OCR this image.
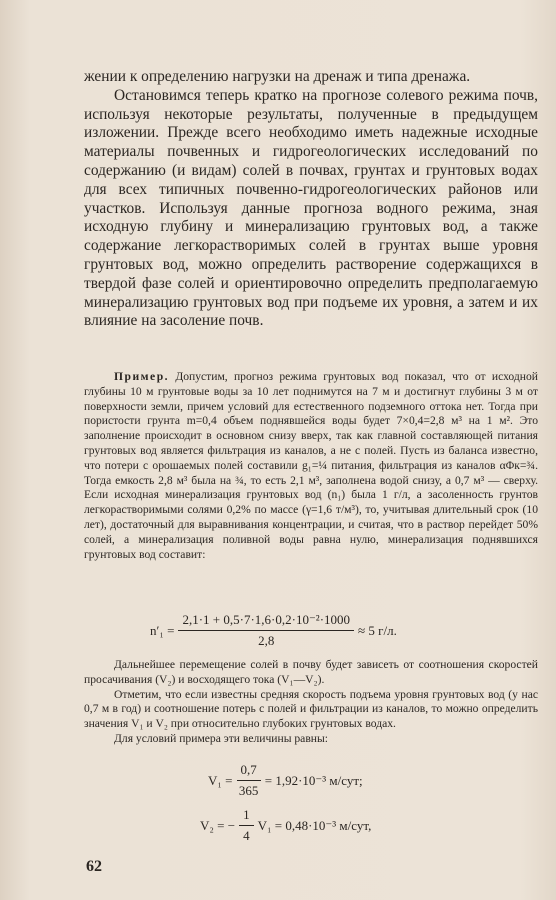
жении к определению нагрузки на дренаж и типа дренажа.

Остановимся теперь кратко на прогнозе солевого режима почв, используя некоторые результаты, полученные в предыдущем изложении. Прежде всего необходимо иметь надежные исходные материалы почвенных и гидрогеологических исследований по содержанию (и видам) солей в почвах, грунтах и грунтовых водах для всех типичных почвенно-гидрогеологических районов или участков. Используя данные прогноза водного режима, зная исходную глубину и минерализацию грунтовых вод, а также содержание легкорастворимых солей в грунтах выше уровня грунтовых вод, можно определить растворение содержащихся в твердой фазе солей и ориентировочно определить предполагаемую минерализацию грунтовых вод при подъеме их уровня, а затем и их влияние на засоление почв.

Пример. Допустим, прогноз режима грунтовых вод показал, что от исходной глубины 10 м грунтовые воды за 10 лет поднимутся на 7 м и достигнут глубины 3 м от поверхности земли, причем условий для естественного подземного оттока нет. Тогда при пористости грунта m=0,4 объем поднявшейся воды будет 7×0,4=2,8 м³ на 1 м². Это заполнение происходит в основном снизу вверх, так как главной составляющей питания грунтовых вод является фильтрация из каналов, а не с полей. Пусть из баланса известно, что потери с орошаемых полей составили g₁=¼ питания, фильтрация из каналов αΦк=¾. Тогда емкость 2,8 м³ была на ¾, то есть 2,1 м³, заполнена водой снизу, а 0,7 м³ — сверху. Если исходная минерализация грунтовых вод (n₁) была 1 г/л, а засоленность грунтов легкорастворимыми солями 0,2% по массе (γ=1,6 т/м³), то, учитывая длительный срок (10 лет), достаточный для выравнивания концентрации, и считая, что в раствор перейдет 50% солей, а минерализация поливной воды равна нулю, минерализация поднявшихся грунтовых вод составит:

$n'_1 = \frac{\text{2,1·1 + 0,5·7·1,6·0,2·10⁻²·1000}}{2,8} \approx 5$ г/л.

Дальнейшее перемещение солей в почву будет зависеть от соотношения скоростей просачивания (V₂) и восходящего тока (V₁—V₂).

Отметим, что если известны средняя скорость подъема уровня грунтовых вод (у нас 0,7 м в год) и соотношение потерь с полей и фильтрации из каналов, то можно определить значения V₁ и V₂ при относительно глубоких грунтовых водах.

Для условий примера эти величины равны:

$V_1 = \frac{0,7}{365} = 1,92\cdot 10^{-3}$ м/сут;
V₂ = − $\frac{1}{4} V_1 = 0,48\cdot 10^{-3}$ м/сут,
62
